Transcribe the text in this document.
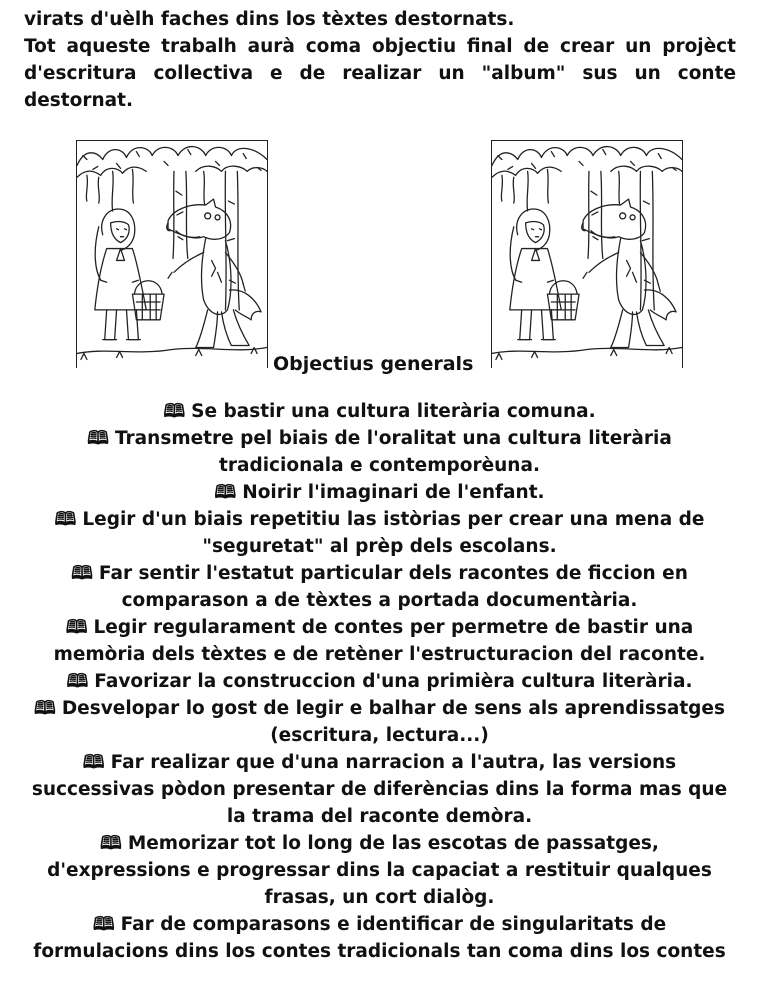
virats d'uèlh faches dins los tèxtes destornats.

Tot aqueste trabalh aurà coma objectiu final de crear un projèct d'escritura collectiva e de realizar un "album" sus un conte destornat.

Objectius generals
🕮 Se bastir una cultura literària comuna.
🕮 Transmetre pel biais de l'oralitat una cultura literària
tradicionala e contemporèuna.
🕮 Noirir l'imaginari de l'enfant.
🕮 Legir d'un biais repetitiu las istòrias per crear una mena de
"seguretat" al prèp dels escolans.
🕮 Far sentir l'estatut particular dels racontes de ficcion en
comparason a de tèxtes a portada documentària.
🕮 Legir regularament de contes per permetre de bastir una
memòria dels tèxtes e de retèner l'estructuracion del raconte.
🕮 Favorizar la construccion d'una primièra cultura literària.
🕮 Desvelopar lo gost de legir e balhar de sens als aprendissatges
(escritura, lectura...)
🕮 Far realizar que d'una narracion a l'autra, las versions
successivas pòdon presentar de diferèncias dins la forma mas que
la trama del raconte demòra.
🕮 Memorizar tot lo long de las escotas de passatges,
d'expressions e progressar dins la capaciat a restituir qualques
frasas, un cort dialòg.
🕮 Far de comparasons e identificar de singularitats de
formulacions dins los contes tradicionals tan coma dins los contes
